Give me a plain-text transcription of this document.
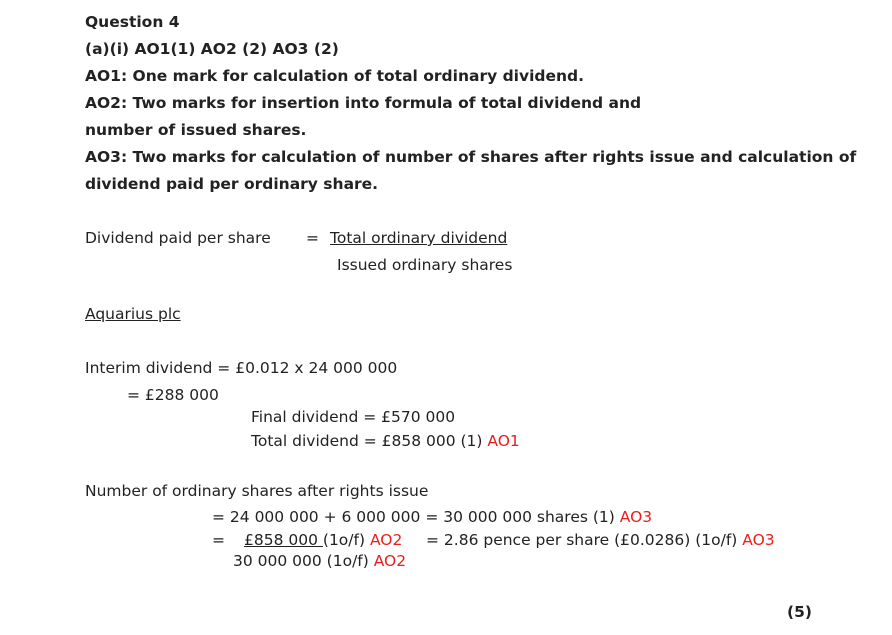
Question 4
(a)(i) AO1(1) AO2 (2) AO3 (2)
AO1: One mark for calculation of total ordinary dividend.
AO2: Two marks for insertion into formula of total dividend and
number of issued shares.
AO3: Two marks for calculation of number of shares after rights issue and calculation of
dividend paid per ordinary share.
Dividend paid per share = Total ordinary dividend
Issued ordinary shares
Aquarius plc
Interim dividend = £0.012 x 24 000 000
= £288 000
Final dividend = £570 000
Total dividend = £858 000 (1) AO1
Number of ordinary shares after rights issue
= 24 000 000 + 6 000 000 = 30 000 000 shares (1) AO3
= £858 000 (1o/f) AO2 = 2.86 pence per share (£0.0286) (1o/f) AO3
30 000 000 (1o/f) AO2
(5)
